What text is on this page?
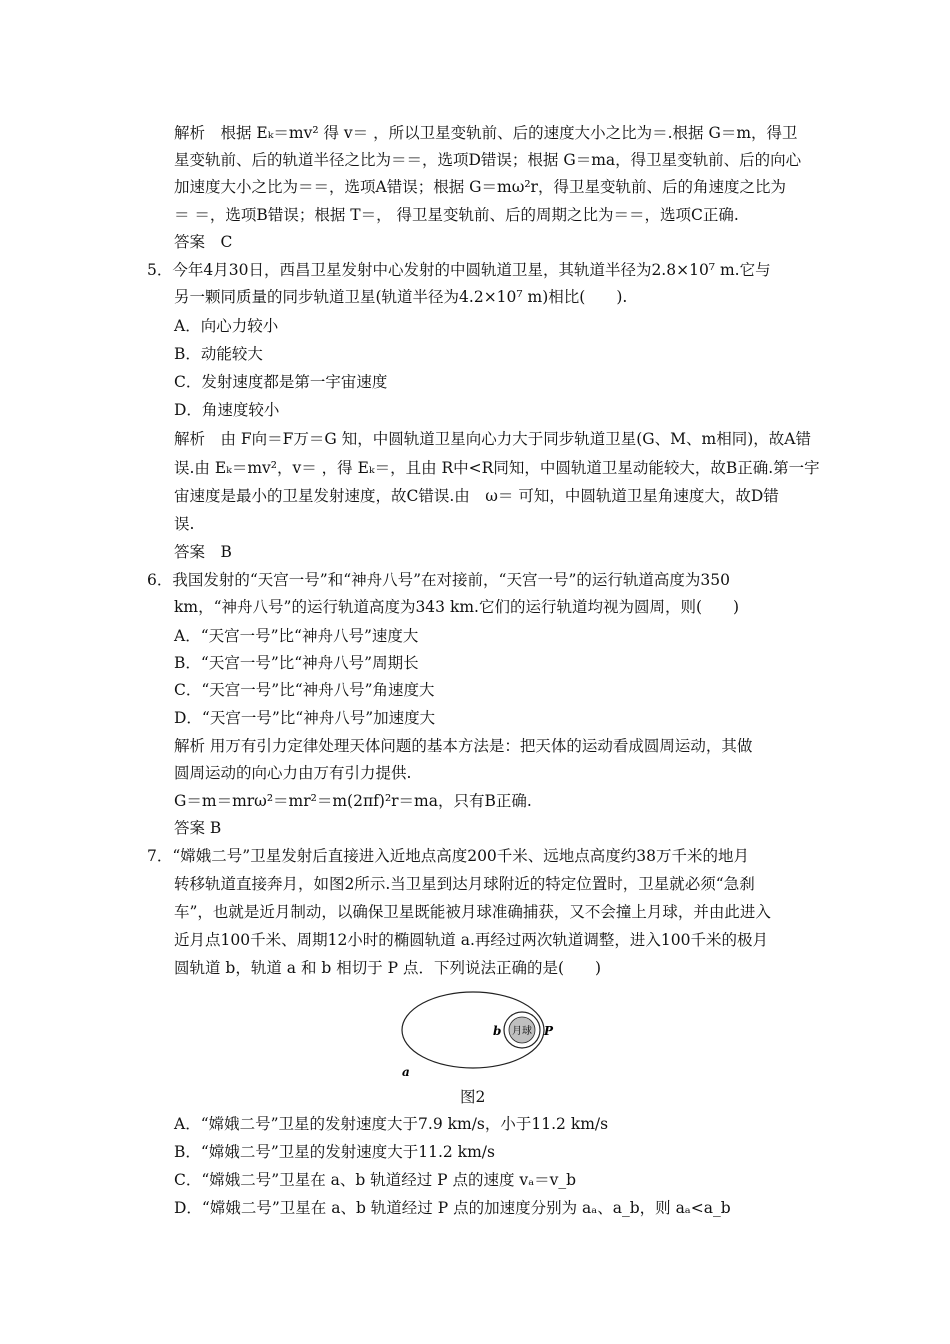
解析　根据 Eₖ＝mv² 得 v＝ ，所以卫星变轨前、后的速度大小之比为＝.根据 G＝m，得卫
星变轨前、后的轨道半径之比为＝＝，选项D错误；根据 G＝ma，得卫星变轨前、后的向心
加速度大小之比为＝＝，选项A错误；根据 G＝mω²r，得卫星变轨前、后的角速度之比为
＝ ＝，选项B错误；根据 T＝， 得卫星变轨前、后的周期之比为＝＝，选项C正确.
答案　C
5．今年4月30日，西昌卫星发射中心发射的中圆轨道卫星，其轨道半径为2.8×10⁷ m.它与
另一颗同质量的同步轨道卫星(轨道半径为4.2×10⁷ m)相比(　　).
A．向心力较小
B．动能较大
C．发射速度都是第一宇宙速度
D．角速度较小
解析　由 F向＝F万＝G 知，中圆轨道卫星向心力大于同步轨道卫星(G、M、m相同)，故A错
误.由 Eₖ＝mv²，v＝ ，得 Eₖ＝，且由 R中<R同知，中圆轨道卫星动能较大，故B正确.第一宇
宙速度是最小的卫星发射速度，故C错误.由　ω＝ 可知，中圆轨道卫星角速度大，故D错
误.
答案　B
6．我国发射的“天宫一号”和“神舟八号”在对接前，“天宫一号”的运行轨道高度为350
km，“神舟八号”的运行轨道高度为343 km.它们的运行轨道均视为圆周，则(　　)
A．“天宫一号”比“神舟八号”速度大
B．“天宫一号”比“神舟八号”周期长
C．“天宫一号”比“神舟八号”角速度大
D．“天宫一号”比“神舟八号”加速度大
解析 用万有引力定律处理天体问题的基本方法是：把天体的运动看成圆周运动，其做
圆周运动的向心力由万有引力提供.
G＝m＝mrω²＝mr²＝m(2πf)²r＝ma，只有B正确.
答案 B
7．“嫦娥二号”卫星发射后直接进入近地点高度200千米、远地点高度约38万千米的地月
转移轨道直接奔月，如图2所示.当卫星到达月球附近的特定位置时，卫星就必须“急刹
车”，也就是近月制动，以确保卫星既能被月球准确捕获，又不会撞上月球，并由此进入
近月点100千米、周期12小时的椭圆轨道 a.再经过两次轨道调整，进入100千米的极月
圆轨道 b，轨道 a 和 b 相切于 P 点．下列说法正确的是(　　)
月球
b	P
a
图2
A．“嫦娥二号”卫星的发射速度大于7.9 km/s，小于11.2 km/s
B．“嫦娥二号”卫星的发射速度大于11.2 km/s
C．“嫦娥二号”卫星在 a、b 轨道经过 P 点的速度 vₐ＝v_b
D．“嫦娥二号”卫星在 a、b 轨道经过 P 点的加速度分别为 aₐ、a_b，则 aₐ<a_b
